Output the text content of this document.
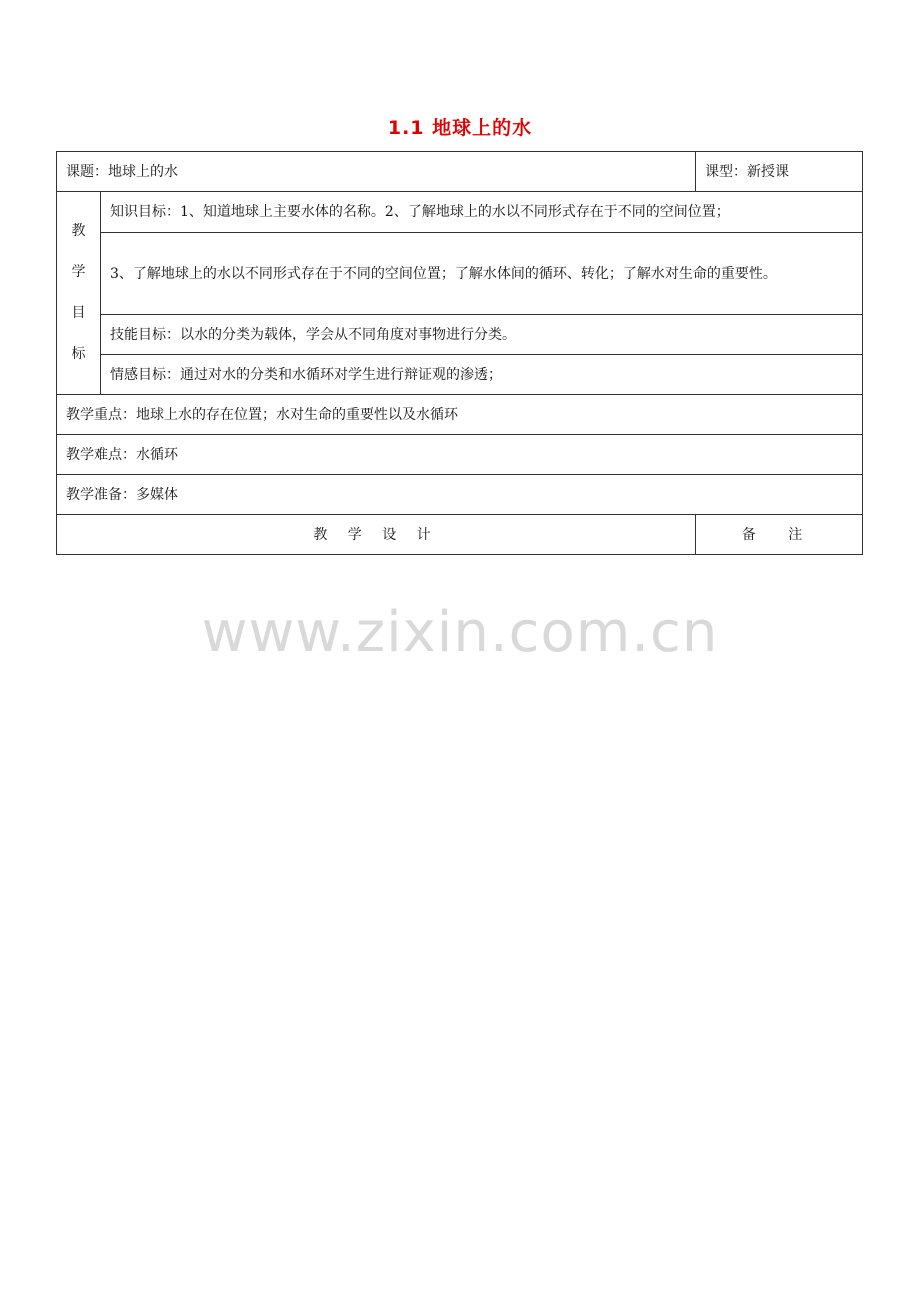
1.1 地球上的水
课题：地球上的水		课型：新授课

教
学
目
标	知识目标：1、知道地球上主要水体的名称。2、了解地球上的水以不同形式存在于不同的空间位置；	
	3、了解地球上的水以不同形式存在于不同的空间位置；了解水体间的循环、转化；了解水对生命的重要性。	
	技能目标：以水的分类为载体，学会从不同角度对事物进行分类。	
	情感目标：通过对水的分类和水循环对学生进行辩证观的渗透；	
教学重点：地球上水的存在位置；水对生命的重要性以及水循环		
教学难点：水循环		
教学准备：多媒体		
教 学 设 计		备 注
www.zixin.com.cn
